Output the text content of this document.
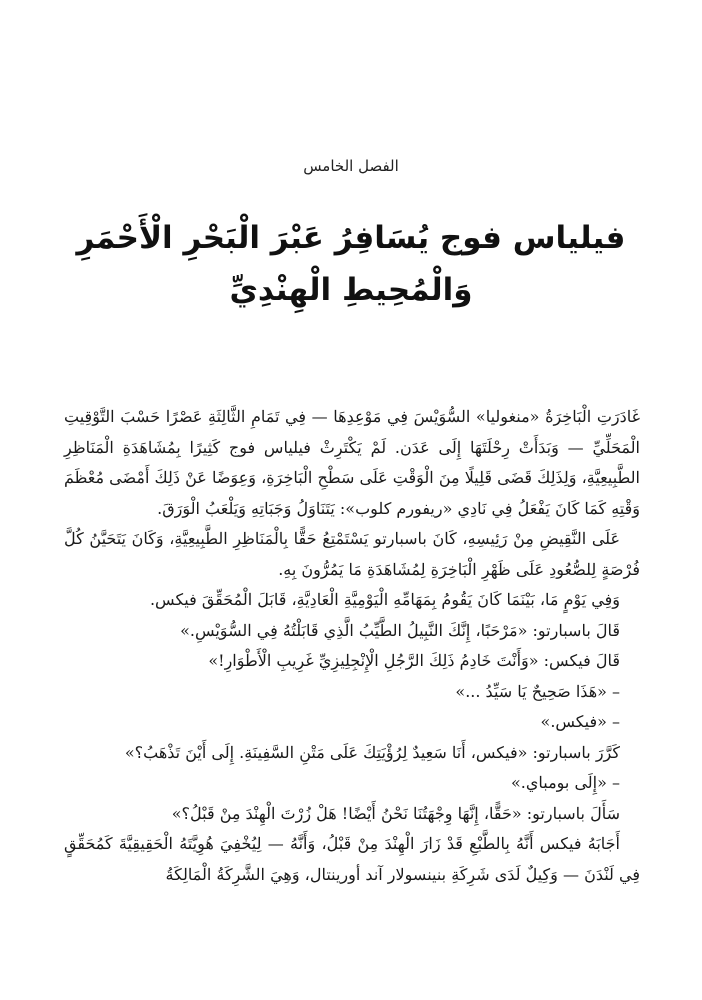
الفصل الخامس
فيلياس فوج يُسَافِرُ عَبْرَ الْبَحْرِ الْأَحْمَرِ
وَالْمُحِيطِ الْهِنْدِيِّ

غَادَرَتِ الْبَاخِرَةُ «منغوليا» السُّوَيْسَ فِي مَوْعِدِهَا — فِي تَمَامِ الثَّالِثَةِ عَصْرًا حَسْبَ التَّوْقِيتِ الْمَحَلِّيِّ — وَبَدَأَتْ رِحْلَتَهَا إِلَى عَدَن. لَمْ يَكْتَرِثْ فيلياس فوج كَثِيرًا بِمُشَاهَدَةِ الْمَنَاظِرِ الطَّبِيعِيَّةِ، وَلِذَلِكَ قَضَى قَلِيلًا مِنَ الْوَقْتِ عَلَى سَطْحِ الْبَاخِرَةِ، وَعِوَضًا عَنْ ذَلِكَ أَمْضَى مُعْظَمَ وَقْتِهِ كَمَا كَانَ يَفْعَلُ فِي نَادِي «ريفورم كلوب»: يَتَنَاوَلُ وَجَبَاتِهِ وَيَلْعَبُ الْوَرَقَ.

عَلَى النَّقِيضِ مِنْ رَئِيسِهِ، كَانَ باسبارتو يَسْتَمْتِعُ حَقًّا بِالْمَنَاظِرِ الطَّبِيعِيَّةِ، وَكَانَ يَتَحَيَّنُ كُلَّ فُرْصَةٍ لِلصُّعُودِ عَلَى ظَهْرِ الْبَاخِرَةِ لِمُشَاهَدَةِ مَا يَمُرُّونَ بِهِ.

وَفِي يَوْمٍ مَا، بَيْنَمَا كَانَ يَقُومُ بِمَهَامِّهِ الْيَوْمِيَّةِ الْعَادِيَّةِ، قَابَلَ الْمُحَقِّقَ فيكس.

قَالَ باسبارتو: «مَرْحَبًا، إِنَّكَ النَّبِيلُ الطَّيِّبُ الَّذِي قَابَلْتُهُ فِي السُّوَيْسِ.»

قَالَ فيكس: «وَأَنْتَ خَادِمُ ذَلِكَ الرَّجُلِ الْإِنْجِلِيزِيِّ غَرِيبِ الْأَطْوَارِ!»

– «هَذَا صَحِيحٌ يَا سَيِّدُ ...»

– «فيكس.»

كَرَّرَ باسبارتو: «فيكس، أَنَا سَعِيدٌ لِرُؤْيَتِكَ عَلَى مَتْنِ السَّفِينَةِ. إِلَى أَيْنَ تَذْهَبُ؟»

– «إِلَى بومباي.»

سَأَلَ باسبارتو: «حَقًّا، إِنَّهَا وِجْهَتُنَا نَحْنُ أَيْضًا! هَلْ زُرْتَ الْهِنْدَ مِنْ قَبْلُ؟»

أَجَابَهُ فيكس أَنَّهُ بِالطَّبْعِ قَدْ زَارَ الْهِنْدَ مِنْ قَبْلُ، وَأَنَّهُ — لِيُخْفِيَ هُوِيَّتَهُ الْحَقِيقِيَّةَ كَمُحَقِّقٍ فِي لَنْدَنَ — وَكِيلٌ لَدَى شَرِكَةِ بنينسولار آند أورينتال، وَهِيَ الشَّرِكَةُ الْمَالِكَةُ
